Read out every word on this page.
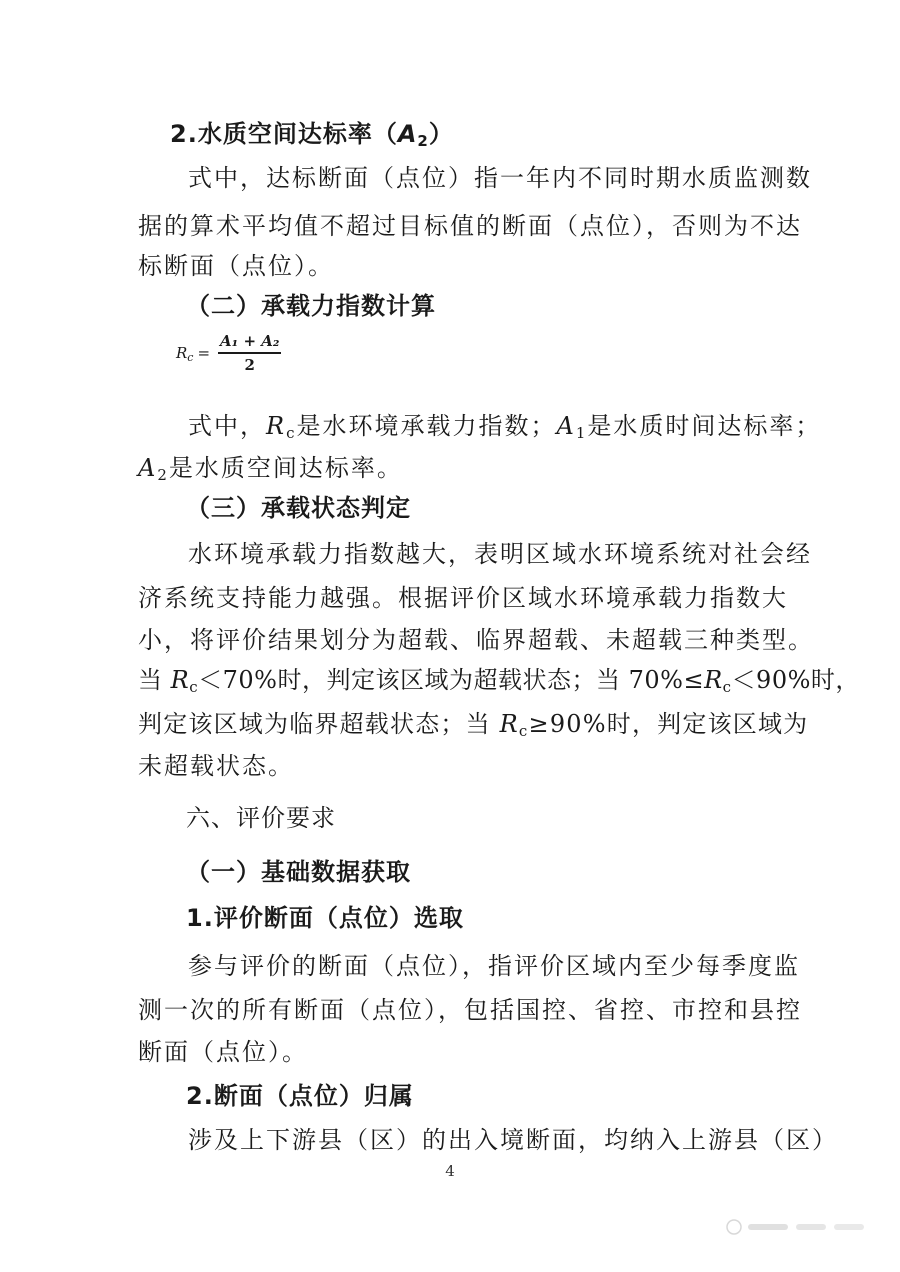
2.水质空间达标率$(A_2)$
式中，达标断面（点位）指一年内不同时期水质监测数
据的算术平均值不超过目标值的断面（点位），否则为不达
标断面（点位）。
（二）承载力指数计算
$R_c = \frac{\text{A₁ + A₂}}{2}$
式中，$R_c$是水环境承载力指数；$A_1$是水质时间达标率；
$A_2$是水质空间达标率。
（三）承载状态判定
水环境承载力指数越大，表明区域水环境系统对社会经
济系统支持能力越强。根据评价区域水环境承载力指数大
小，将评价结果划分为超载、临界超载、未超载三种类型。
当 $R_c<70\%$时，判定该区域为超载状态；当 $70\%\le R_c<90\%$时，
判定该区域为临界超载状态；当 $R_c\ge 90\%$时，判定该区域为
未超载状态。
六、评价要求
（一）基础数据获取
1.评价断面（点位）选取
参与评价的断面（点位），指评价区域内至少每季度监
测一次的所有断面（点位），包括国控、省控、市控和县控
断面（点位）。
2.断面（点位）归属
涉及上下游县（区）的出入境断面，均纳入上游县（区）
4
